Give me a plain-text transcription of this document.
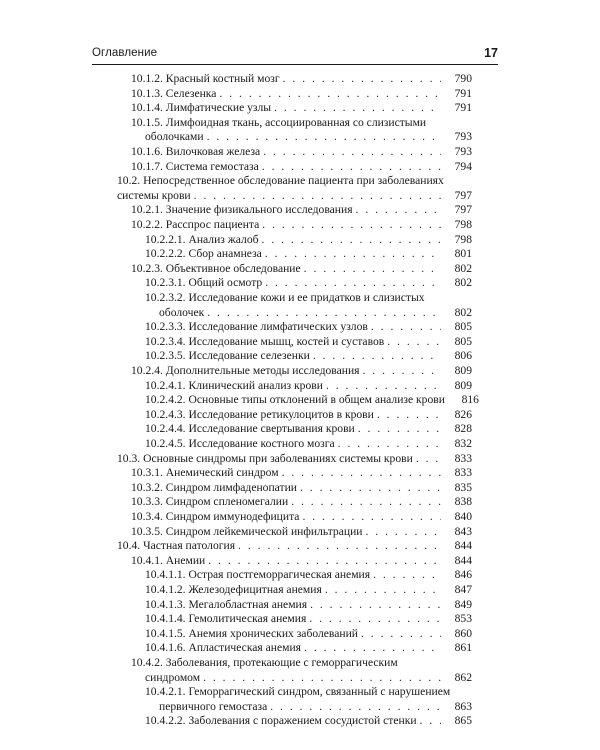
Оглавление	17
10.1.2. Красный костный мозг . . .	790
10.1.3. Селезенка . . .	791
10.1.4. Лимфатические узлы . . .	791
10.1.5. Лимфоидная ткань, ассоциированная со слизистыми
оболочками . . .	793
10.1.6. Вилочковая железа . . .	793
10.1.7. Система гемостаза . . .	794
10.2. Непосредственное обследование пациента при заболеваниях
системы крови . . .	797
10.2.1. Значение физикального исследования . . .	797
10.2.2. Расспрос пациента . . .	798
10.2.2.1. Анализ жалоб . . .	798
10.2.2.2. Сбор анамнеза . . .	801
10.2.3. Объективное обследование . . .	802
10.2.3.1. Общий осмотр . . .	802
10.2.3.2. Исследование кожи и ее придатков и слизистых
оболочек . . .	802
10.2.3.3. Исследование лимфатических узлов . . .	805
10.2.3.4. Исследование мышц, костей и суставов . . .	805
10.2.3.5. Исследование селезенки . . .	806
10.2.4. Дополнительные методы исследования . . .	809
10.2.4.1. Клинический анализ крови . . .	809
10.2.4.2. Основные типы отклонений в общем анализе крови	816
10.2.4.3. Исследование ретикулоцитов в крови . . .	826
10.2.4.4. Исследование свертывания крови . . .	828
10.2.4.5. Исследование костного мозга . . .	832
10.3. Основные синдромы при заболеваниях системы крови . . .	833
10.3.1. Анемический синдром . . .	833
10.3.2. Синдром лимфаденопатии . . .	835
10.3.3. Синдром спленомегалии . . .	838
10.3.4. Синдром иммунодефицита . . .	840
10.3.5. Синдром лейкемической инфильтрации . . .	843
10.4. Частная патология . . .	844
10.4.1. Анемии . . .	844
10.4.1.1. Острая постгеморрагическая анемия . . .	846
10.4.1.2. Железодефицитная анемия . . .	847
10.4.1.3. Мегалобластная анемия . . .	849
10.4.1.4. Гемолитическая анемия . . .	853
10.4.1.5. Анемия хронических заболеваний . . .	860
10.4.1.6. Апластическая анемия . . .	861
10.4.2. Заболевания, протекающие с геморрагическим
синдромом . . .	862
10.4.2.1. Геморрагический синдром, связанный с нарушением
первичного гемостаза . . .	863
10.4.2.2. Заболевания с поражением сосудистой стенки . . .	865
